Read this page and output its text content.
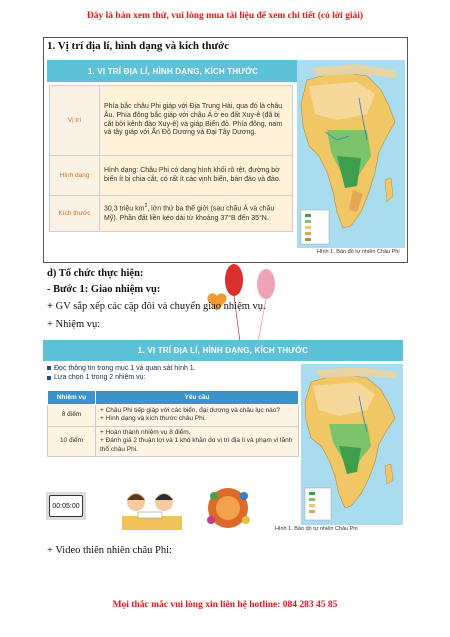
Đây là bản xem thử, vui lòng mua tài liệu để xem chi tiết (có lời giải)
1. Vị trí địa lí, hình dạng và kích thước
1. VỊ TRÍ ĐỊA LÍ, HÌNH DẠNG, KÍCH THƯỚC
Vị trí	Phía bắc châu Phi giáp với Địa Trung Hải, qua đó là châu Âu. Phía đông bắc giáp với châu Á ở eo đất Xuy-ê (đã bị cắt bởi kênh đào Xuy-ê) và giáp Biển đỏ. Phía đông, nam và tây giáp với Ấn Độ Dương và Đại Tây Dương.
Hình dạng	Hình dạng: Châu Phi có dạng hình khối rõ rệt, đường bờ biển ít bị chia cắt, có rất ít các vịnh biển, bán đảo và đảo.
Kích thước	30,3 triệu $km^2$, lớn thứ ba thế giới (sau châu Á và châu Mỹ). Phần đất liền kéo dài từ khoảng 37°B đến 35°N.
Hình 1. Bản đồ tự nhiên Châu Phi
d) Tổ chức thực hiện:
- Bước 1: Giao nhiệm vụ:
+ GV sắp xếp các cặp đôi và chuyển giao nhiệm vụ.
+ Nhiệm vụ:
1. VỊ TRÍ ĐỊA LÍ, HÌNH DẠNG, KÍCH THƯỚC
Đọc thông tin trong mục 1 và quan sát hình 1.
Lựa chọn 1 trong 2 nhiệm vụ:
Nhiệm vụ	Yêu cầu
8 điểm	+ Châu Phi tiếp giáp với các biển, đại dương và châu lục nào?
+ Hình dạng và kích thước châu Phi.

10 điểm	+ Hoàn thành nhiệm vụ 8 điểm.
+ Đánh giá 2 thuận lợi và 1 khó khăn do vị trí địa lí và phạm vi lãnh thổ châu Phi.
00:05:00
Hình 1. Bản đồ tự nhiên Châu Phi
+ Video thiên nhiên châu Phi:
Mọi thắc mắc vui lòng xin liên hệ hotline: 084 283 45 85
